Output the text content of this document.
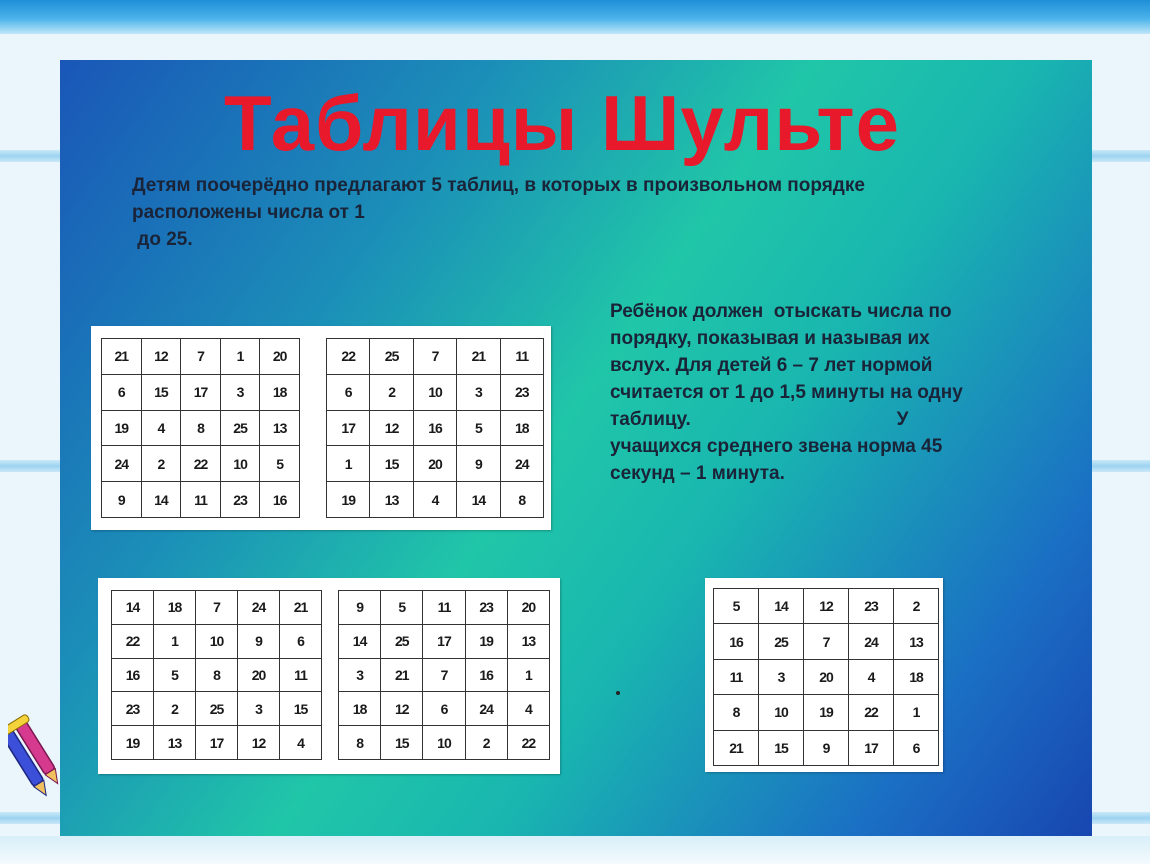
Таблицы Шульте
Детям поочерёдно предлагают 5 таблиц, в которых в произвольном порядке
расположены числа от 1
до 25.
Ребёнок должен  отыскать числа по
порядку, показывая и называя их
вслух. Для детей 6 – 7 лет нормой
считается от 1 до 1,5 минуты на одну
таблицу.                                       У
учащихся среднего звена норма 45
секунд – 1 минута.
21	12	7	1	20
6	15	17	3	18
19	4	8	25	13
24	2	22	10	5
9	14	11	23	16
22	25	7	21	11
6	2	10	3	23
17	12	16	5	18
1	15	20	9	24
19	13	4	14	8
14	18	7	24	21
22	1	10	9	6
16	5	8	20	11
23	2	25	3	15
19	13	17	12	4
9	5	11	23	20
14	25	17	19	13
3	21	7	16	1
18	12	6	24	4
8	15	10	2	22
5	14	12	23	2
16	25	7	24	13
11	3	20	4	18
8	10	19	22	1
21	15	9	17	6
